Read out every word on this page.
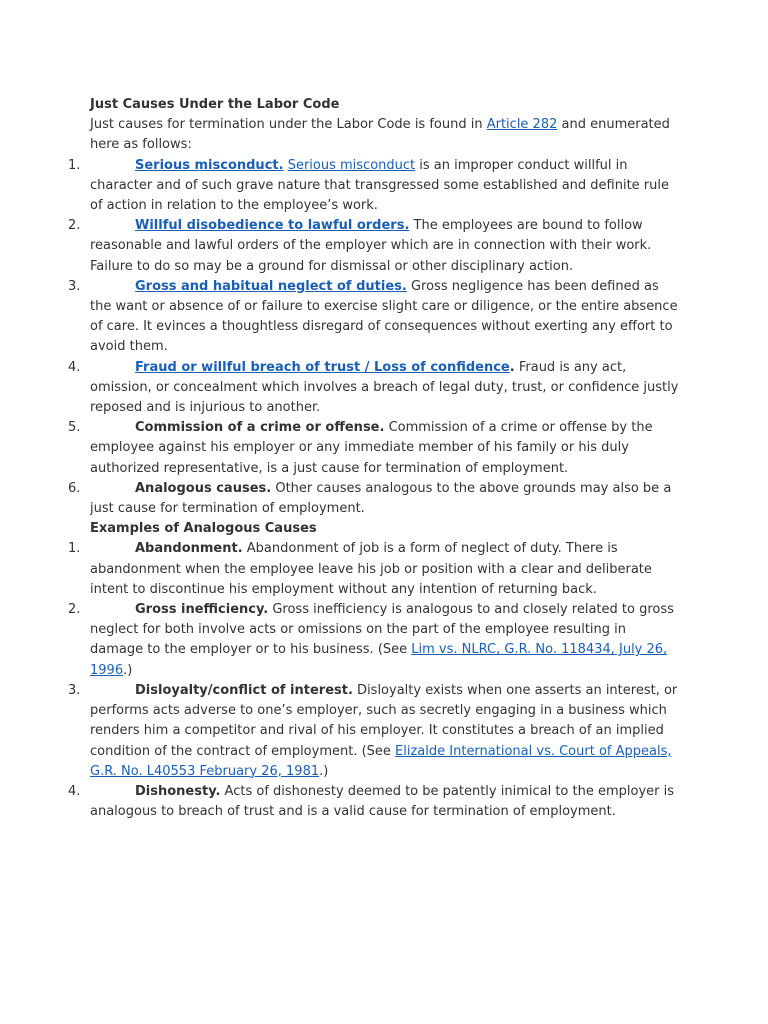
Just Causes Under the Labor Code
Just causes for termination under the Labor Code is found in Article 282 and enumerated here as follows:
1.	Serious misconduct. Serious misconduct is an improper conduct willful in character and of such grave nature that transgressed some established and definite rule of action in relation to the employee’s work.
2.	Willful disobedience to lawful orders. The employees are bound to follow reasonable and lawful orders of the employer which are in connection with their work. Failure to do so may be a ground for dismissal or other disciplinary action.
3.	Gross and habitual neglect of duties. Gross negligence has been defined as the want or absence of or failure to exercise slight care or diligence, or the entire absence of care. It evinces a thoughtless disregard of consequences without exerting any effort to avoid them.
4.	Fraud or willful breach of trust / Loss of confidence. Fraud is any act, omission, or concealment which involves a breach of legal duty, trust, or confidence justly reposed and is injurious to another.
5.	Commission of a crime or offense. Commission of a crime or offense by the employee against his employer or any immediate member of his family or his duly authorized representative, is a just cause for termination of employment.
6.	Analogous causes. Other causes analogous to the above grounds may also be a just cause for termination of employment.
Examples of Analogous Causes
1.	Abandonment. Abandonment of job is a form of neglect of duty. There is abandonment when the employee leave his job or position with a clear and deliberate intent to discontinue his employment without any intention of returning back.
2.	Gross inefficiency. Gross inefficiency is analogous to and closely related to gross neglect for both involve acts or omissions on the part of the employee resulting in damage to the employer or to his business. (See Lim vs. NLRC, G.R. No. 118434, July 26, 1996.)
3.	Disloyalty/conflict of interest. Disloyalty exists when one asserts an interest, or performs acts adverse to one’s employer, such as secretly engaging in a business which renders him a competitor and rival of his employer. It constitutes a breach of an implied condition of the contract of employment. (See Elizalde International vs. Court of Appeals, G.R. No. L40553 February 26, 1981.)
4.	Dishonesty. Acts of dishonesty deemed to be patently inimical to the employer is analogous to breach of trust and is a valid cause for termination of employment.
